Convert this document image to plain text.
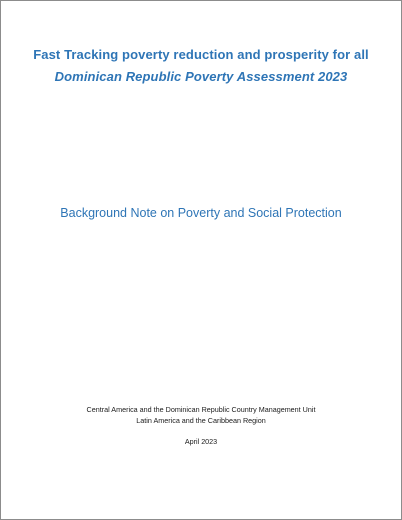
Fast Tracking poverty reduction and prosperity for all
Dominican Republic Poverty Assessment 2023
Background Note on Poverty and Social Protection
Central America and the Dominican Republic Country Management Unit
Latin America and the Caribbean Region
April 2023
